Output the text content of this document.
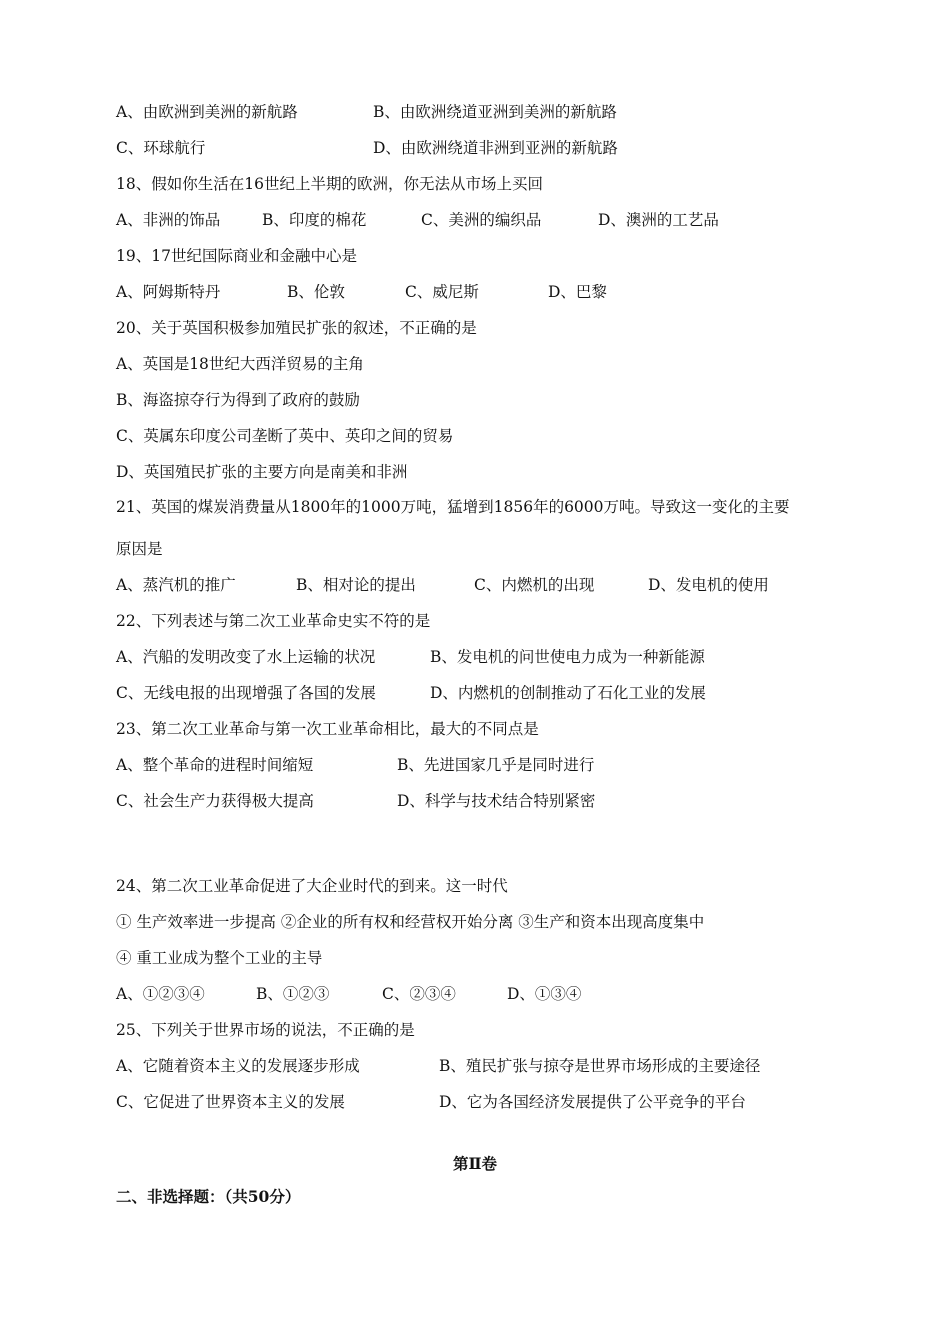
A、由欧洲到美洲的新航路	B、由欧洲绕道亚洲到美洲的新航路
C、环球航行	D、由欧洲绕道非洲到亚洲的新航路
18、假如你生活在16世纪上半期的欧洲，你无法从市场上买回
A、非洲的饰品	B、印度的棉花	C、美洲的编织品	D、澳洲的工艺品
19、17世纪国际商业和金融中心是
A、阿姆斯特丹	B、伦敦	C、威尼斯	D、巴黎
20、关于英国积极参加殖民扩张的叙述，不正确的是
A、英国是18世纪大西洋贸易的主角
B、海盗掠夺行为得到了政府的鼓励
C、英属东印度公司垄断了英中、英印之间的贸易
D、英国殖民扩张的主要方向是南美和非洲
21、英国的煤炭消费量从1800年的1000万吨，猛增到1856年的6000万吨。导致这一变化的主要
原因是
A、蒸汽机的推广	B、相对论的提出	C、内燃机的出现	D、发电机的使用
22、下列表述与第二次工业革命史实不符的是
A、汽船的发明改变了水上运输的状况	B、发电机的问世使电力成为一种新能源
C、无线电报的出现增强了各国的发展	D、内燃机的创制推动了石化工业的发展
23、第二次工业革命与第一次工业革命相比，最大的不同点是
A、整个革命的进程时间缩短	B、先进国家几乎是同时进行
C、社会生产力获得极大提高	D、科学与技术结合特别紧密
24、第二次工业革命促进了大企业时代的到来。这一时代
① 生产效率进一步提高 ②企业的所有权和经营权开始分离 ③生产和资本出现高度集中
④ 重工业成为整个工业的主导
A、①②③④	B、①②③	C、②③④	D、①③④
25、下列关于世界市场的说法，不正确的是
A、它随着资本主义的发展逐步形成	B、殖民扩张与掠夺是世界市场形成的主要途径
C、它促进了世界资本主义的发展	D、它为各国经济发展提供了公平竞争的平台
第Ⅱ卷
二、非选择题：（共50分）
